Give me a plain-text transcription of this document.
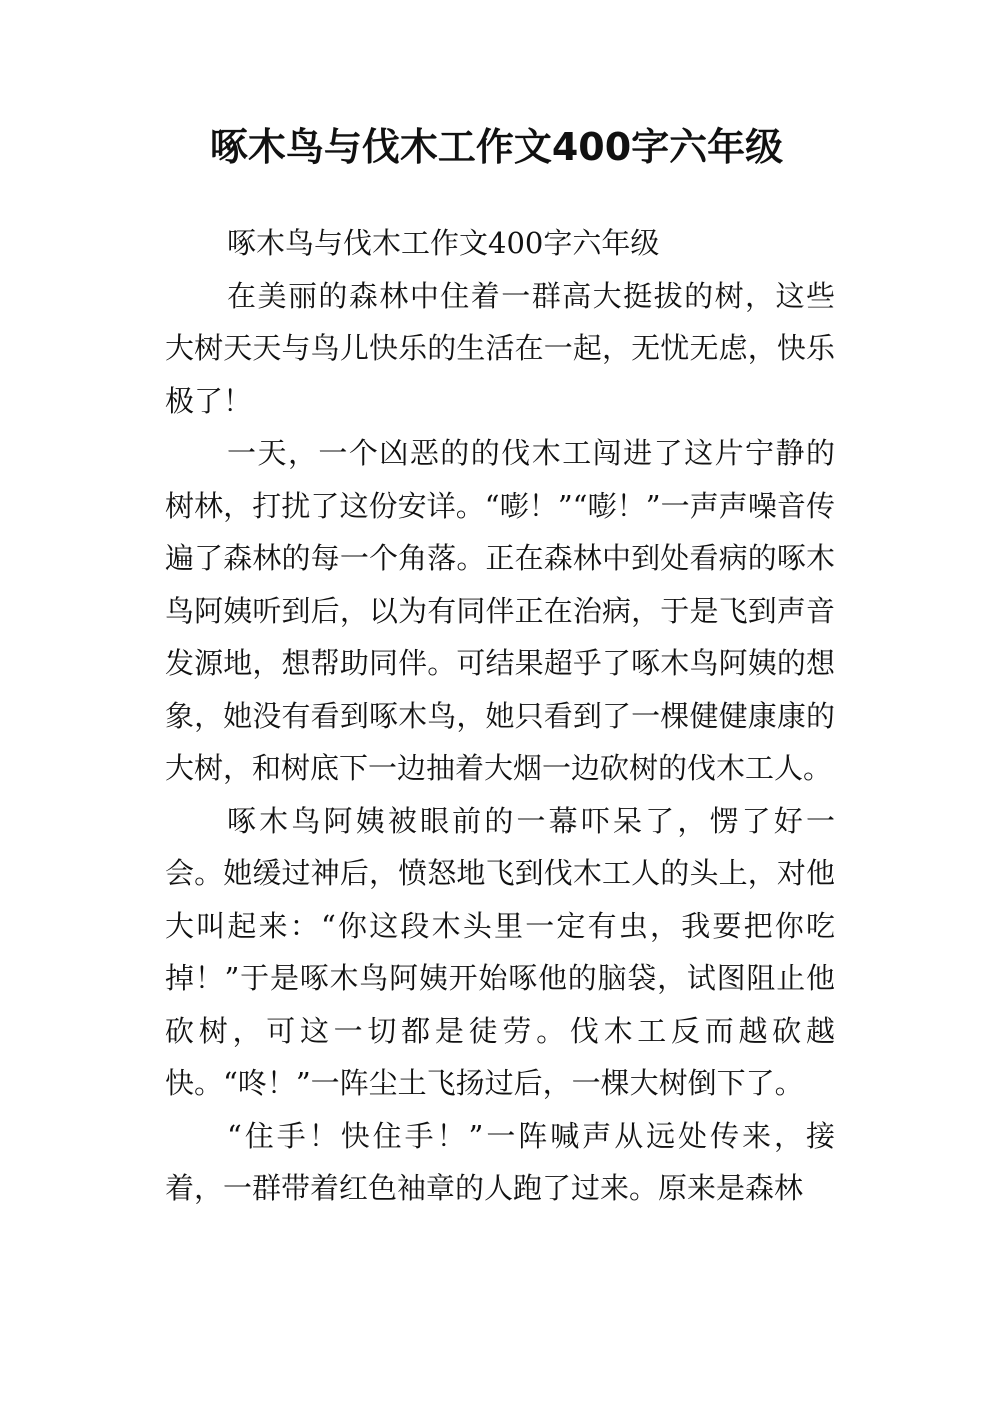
啄木鸟与伐木工作文400字六年级

啄木鸟与伐木工作文400字六年级

在美丽的森林中住着一群高大挺拔的树，这些大树天天与鸟儿快乐的生活在一起，无忧无虑，快乐极了！

一天，一个凶恶的的伐木工闯进了这片宁静的树林，打扰了这份安详。“嘭！”“嘭！”一声声噪音传遍了森林的每一个角落。正在森林中到处看病的啄木鸟阿姨听到后，以为有同伴正在治病，于是飞到声音发源地，想帮助同伴。可结果超乎了啄木鸟阿姨的想象，她没有看到啄木鸟，她只看到了一棵健健康康的大树，和树底下一边抽着大烟一边砍树的伐木工人。

啄木鸟阿姨被眼前的一幕吓呆了，愣了好一会。她缓过神后，愤怒地飞到伐木工人的头上，对他大叫起来：“你这段木头里一定有虫，我要把你吃掉！”于是啄木鸟阿姨开始啄他的脑袋，试图阻止他砍树，可这一切都是徒劳。伐木工反而越砍越快。“咚！”一阵尘土飞扬过后，一棵大树倒下了。

“住手！快住手！”一阵喊声从远处传来，接着，一群带着红色袖章的人跑了过来。原来是森林
